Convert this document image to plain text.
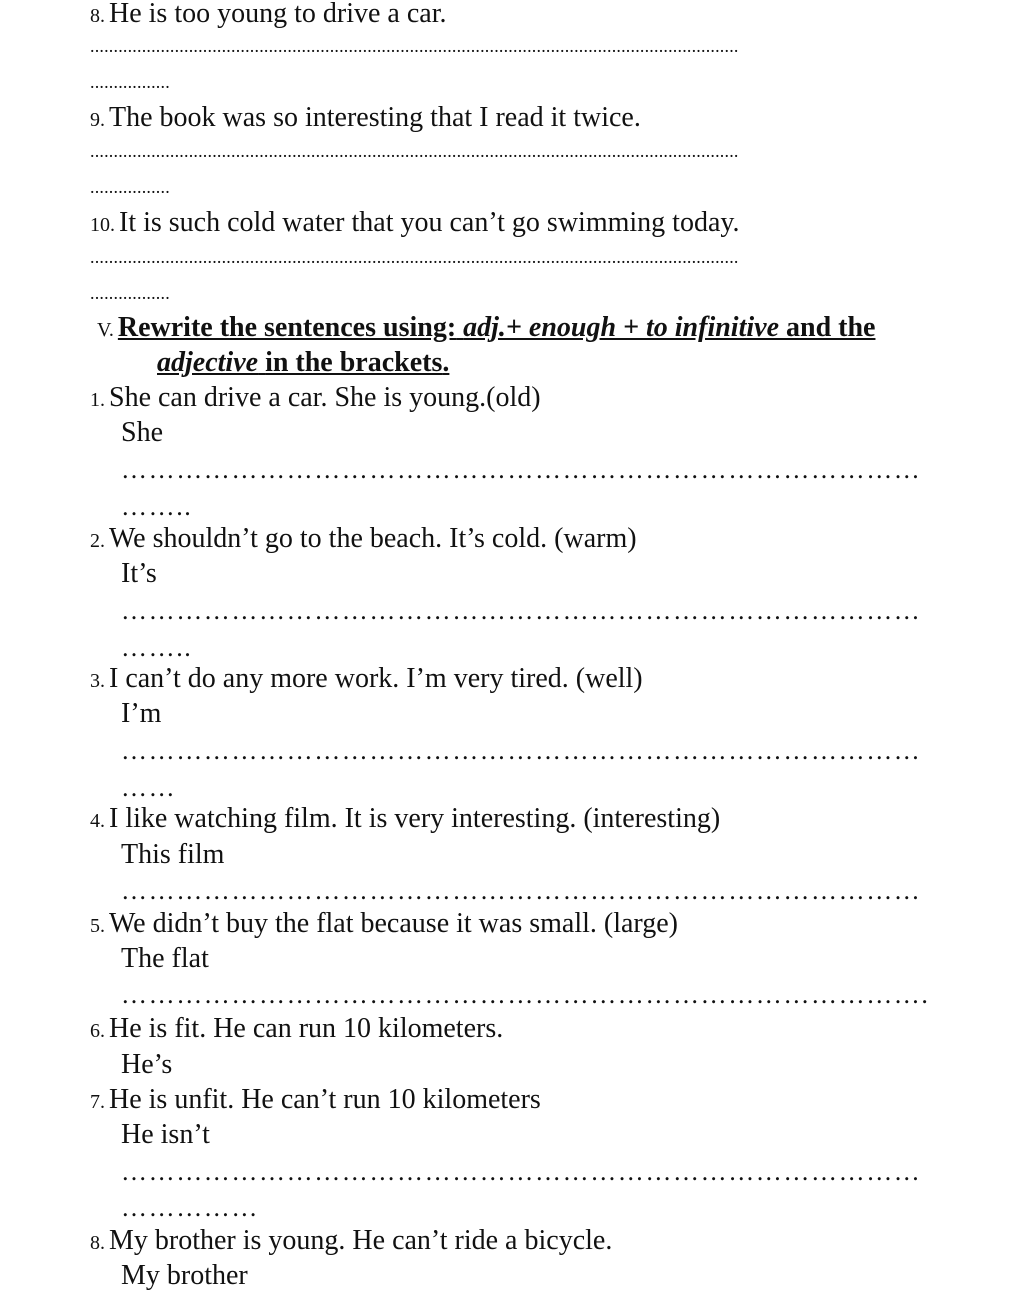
8. He is too young to drive a car.
..........................................................................................................................................
.................
9. The book was so interesting that I read it twice.
..........................................................................................................................................
.................
10. It is such cold water that you can’t go swimming today.
..........................................................................................................................................
.................
V. Rewrite the sentences using: adj.+ enough + to infinitive and the
adjective in the brackets.
1. She can drive a car. She is young.(old)
She
……………………………………………………………………………
……..
2. We shouldn’t go to the beach. It’s cold. (warm)
It’s
……………………………………………………………………………
……..
3. I can’t do any more work. I’m very tired. (well)
I’m
……………………………………………………………………………
……
4. I like watching film. It is very interesting. (interesting)
This film
……………………………………………………………………………
5. We didn’t buy the flat because it was small. (large)
The flat
…………………………………………………………………………….
6. He is fit. He can run 10 kilometers.
He’s
7. He is unfit. He can’t run 10 kilometers
He isn’t
……………………………………………………………………………
……………
8. My brother is young. He can’t ride a bicycle.
My brother
